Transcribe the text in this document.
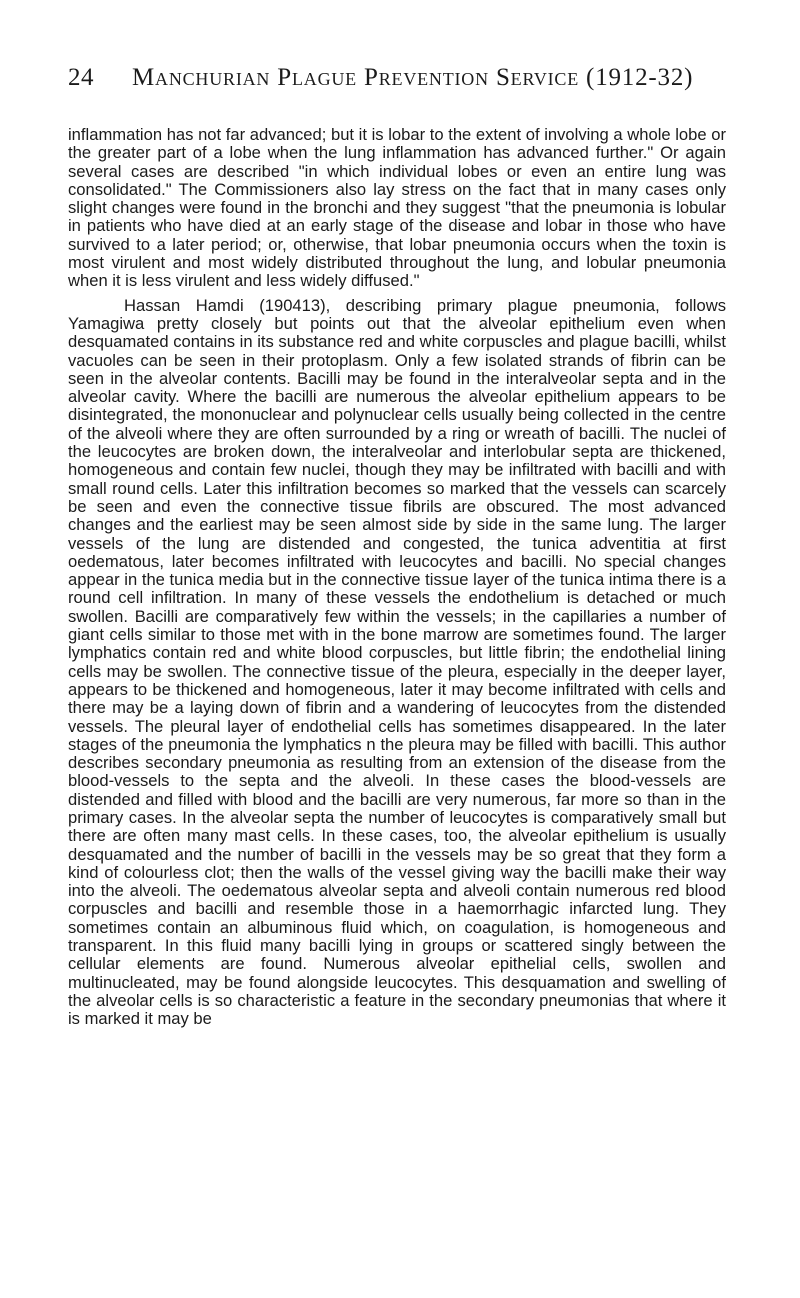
24 Manchurian Plague Prevention Service (1912-32)

inflammation has not far advanced; but it is lobar to the extent of involving a whole lobe or the greater part of a lobe when the lung inflammation has advanced further." Or again several cases are described "in which individual lobes or even an entire lung was consolidated." The Commissioners also lay stress on the fact that in many cases only slight changes were found in the bronchi and they suggest "that the pneumonia is lobular in patients who have died at an early stage of the disease and lobar in those who have survived to a later period; or, otherwise, that lobar pneumonia occurs when the toxin is most virulent and most widely distributed throughout the lung, and lobular pneumonia when it is less virulent and less widely diffused."

Hassan Hamdi (190413), describing primary plague pneumonia, follows Yamagiwa pretty closely but points out that the alveolar epithelium even when desquamated contains in its substance red and white corpuscles and plague bacilli, whilst vacuoles can be seen in their protoplasm. Only a few isolated strands of fibrin can be seen in the alveolar contents. Bacilli may be found in the interalveolar septa and in the alveolar cavity. Where the bacilli are numerous the alveolar epithelium appears to be disintegrated, the mononuclear and polynuclear cells usually being collected in the centre of the alveoli where they are often surrounded by a ring or wreath of bacilli. The nuclei of the leucocytes are broken down, the interalveolar and interlobular septa are thickened, homogeneous and contain few nuclei, though they may be infiltrated with bacilli and with small round cells. Later this infiltration becomes so marked that the vessels can scarcely be seen and even the connective tissue fibrils are obscured. The most advanced changes and the earliest may be seen almost side by side in the same lung. The larger vessels of the lung are distended and congested, the tunica adventitia at first oedematous, later becomes infiltrated with leucocytes and bacilli. No special changes appear in the tunica media but in the connective tissue layer of the tunica intima there is a round cell infiltration. In many of these vessels the endothelium is detached or much swollen. Bacilli are comparatively few within the vessels; in the capillaries a number of giant cells similar to those met with in the bone marrow are sometimes found. The larger lymphatics contain red and white blood corpuscles, but little fibrin; the endothelial lining cells may be swollen. The connective tissue of the pleura, especially in the deeper layer, appears to be thickened and homogeneous, later it may become infiltrated with cells and there may be a laying down of fibrin and a wandering of leucocytes from the distended vessels. The pleural layer of endothelial cells has sometimes disappeared. In the later stages of the pneumonia the lymphatics n the pleura may be filled with bacilli. This author describes secondary pneumonia as resulting from an extension of the disease from the blood-vessels to the septa and the alveoli. In these cases the blood-vessels are distended and filled with blood and the bacilli are very numerous, far more so than in the primary cases. In the alveolar septa the number of leucocytes is comparatively small but there are often many mast cells. In these cases, too, the alveolar epithelium is usually desquamated and the number of bacilli in the vessels may be so great that they form a kind of colourless clot; then the walls of the vessel giving way the bacilli make their way into the alveoli. The oedematous alveolar septa and alveoli contain numerous red blood corpuscles and bacilli and resemble those in a haemorrhagic infarcted lung. They sometimes contain an albuminous fluid which, on coagulation, is homogeneous and transparent. In this fluid many bacilli lying in groups or scattered singly between the cellular elements are found. Numerous alveolar epithelial cells, swollen and multinucleated, may be found alongside leucocytes. This desquamation and swelling of the alveolar cells is so characteristic a feature in the secondary pneumonias that where it is marked it may be
